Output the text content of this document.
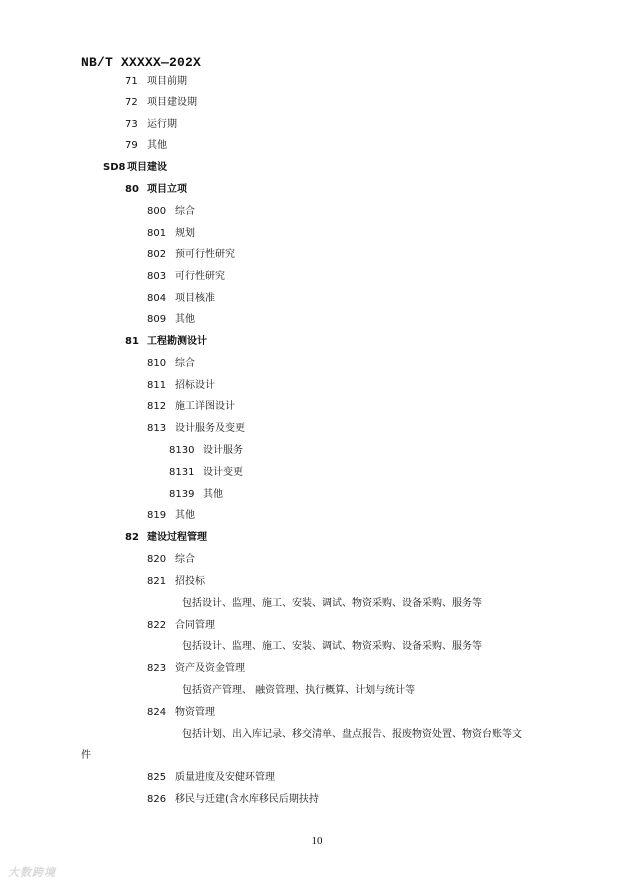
NB/T XXXXX—202X
71 项目前期
72 项目建设期
73 运行期
79 其他
SD8 项目建设
80 项目立项
800 综合
801 规划
802 预可行性研究
803 可行性研究
804 项目核准
809 其他
81 工程勘测设计
810 综合
811 招标设计
812 施工详图设计
813 设计服务及变更
8130 设计服务
8131 设计变更
8139 其他
819 其他
82 建设过程管理
820 综合
821 招投标
包括设计、监理、施工、安装、调试、物资采购、设备采购、服务等
822 合同管理
包括设计、监理、施工、安装、调试、物资采购、设备采购、服务等
823 资产及资金管理
包括资产管理、 融资管理、执行概算、计划与统计等
824 物资管理
包括计划、出入库记录、移交清单、盘点报告、报废物资处置、物资台账等文
件
825 质量进度及安健环管理
826 移民与迁建(含水库移民后期扶持
10
大数跨境
